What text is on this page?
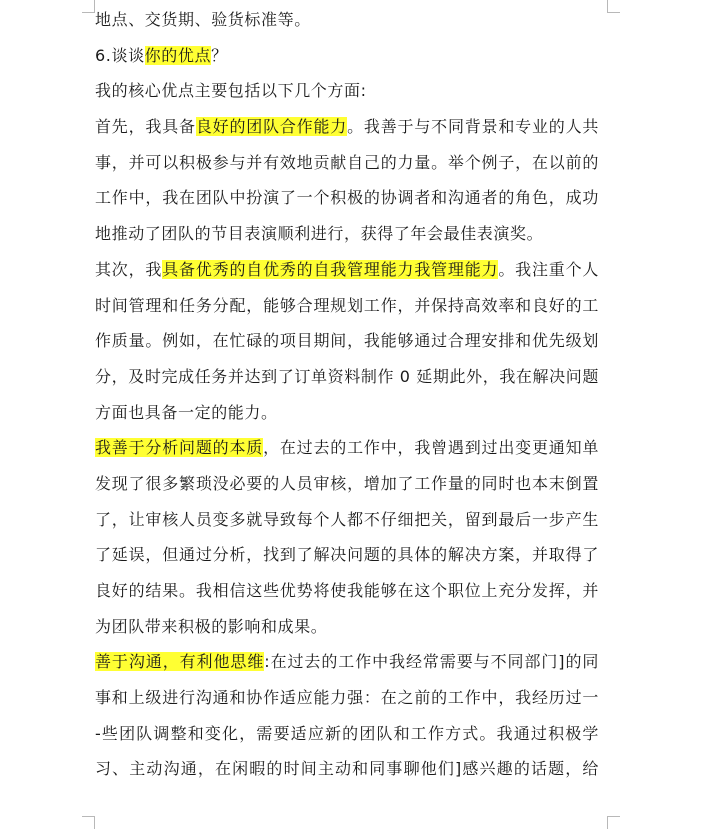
地点、交货期、验货标准等。
6.谈谈你的优点？
我的核心优点主要包括以下几个方面:
首先，我具备良好的团队合作能力。我善于与不同背景和专业的人共
事，并可以积极参与并有效地贡献自己的力量。举个例子，在以前的
工作中，我在团队中扮演了一个积极的协调者和沟通者的角色，成功
地推动了团队的节目表演顺利进行，获得了年会最佳表演奖。
其次，我具备优秀的自优秀的自我管理能力我管理能力。我注重个人
时间管理和任务分配，能够合理规划工作，并保持高效率和良好的工
作质量。例如，在忙碌的项目期间，我能够通过合理安排和优先级划
分，及时完成任务并达到了订单资料制作 0 延期此外，我在解决问题
方面也具备一定的能力。
我善于分析问题的本质，在过去的工作中，我曾遇到过出变更通知单
发现了很多繁琐没必要的人员审核，增加了工作量的同时也本末倒置
了，让审核人员变多就导致每个人都不仔细把关，留到最后一步产生
了延误，但通过分析，找到了解决问题的具体的解决方案，并取得了
良好的结果。我相信这些优势将使我能够在这个职位上充分发挥，并
为团队带来积极的影响和成果。
善于沟通，有利他思维:在过去的工作中我经常需要与不同部门]的同
事和上级进行沟通和协作适应能力强：在之前的工作中，我经历过一
-些团队调整和变化，需要适应新的团队和工作方式。我通过积极学
习、主动沟通，在闲暇的时间主动和同事聊他们]感兴趣的话题，给
